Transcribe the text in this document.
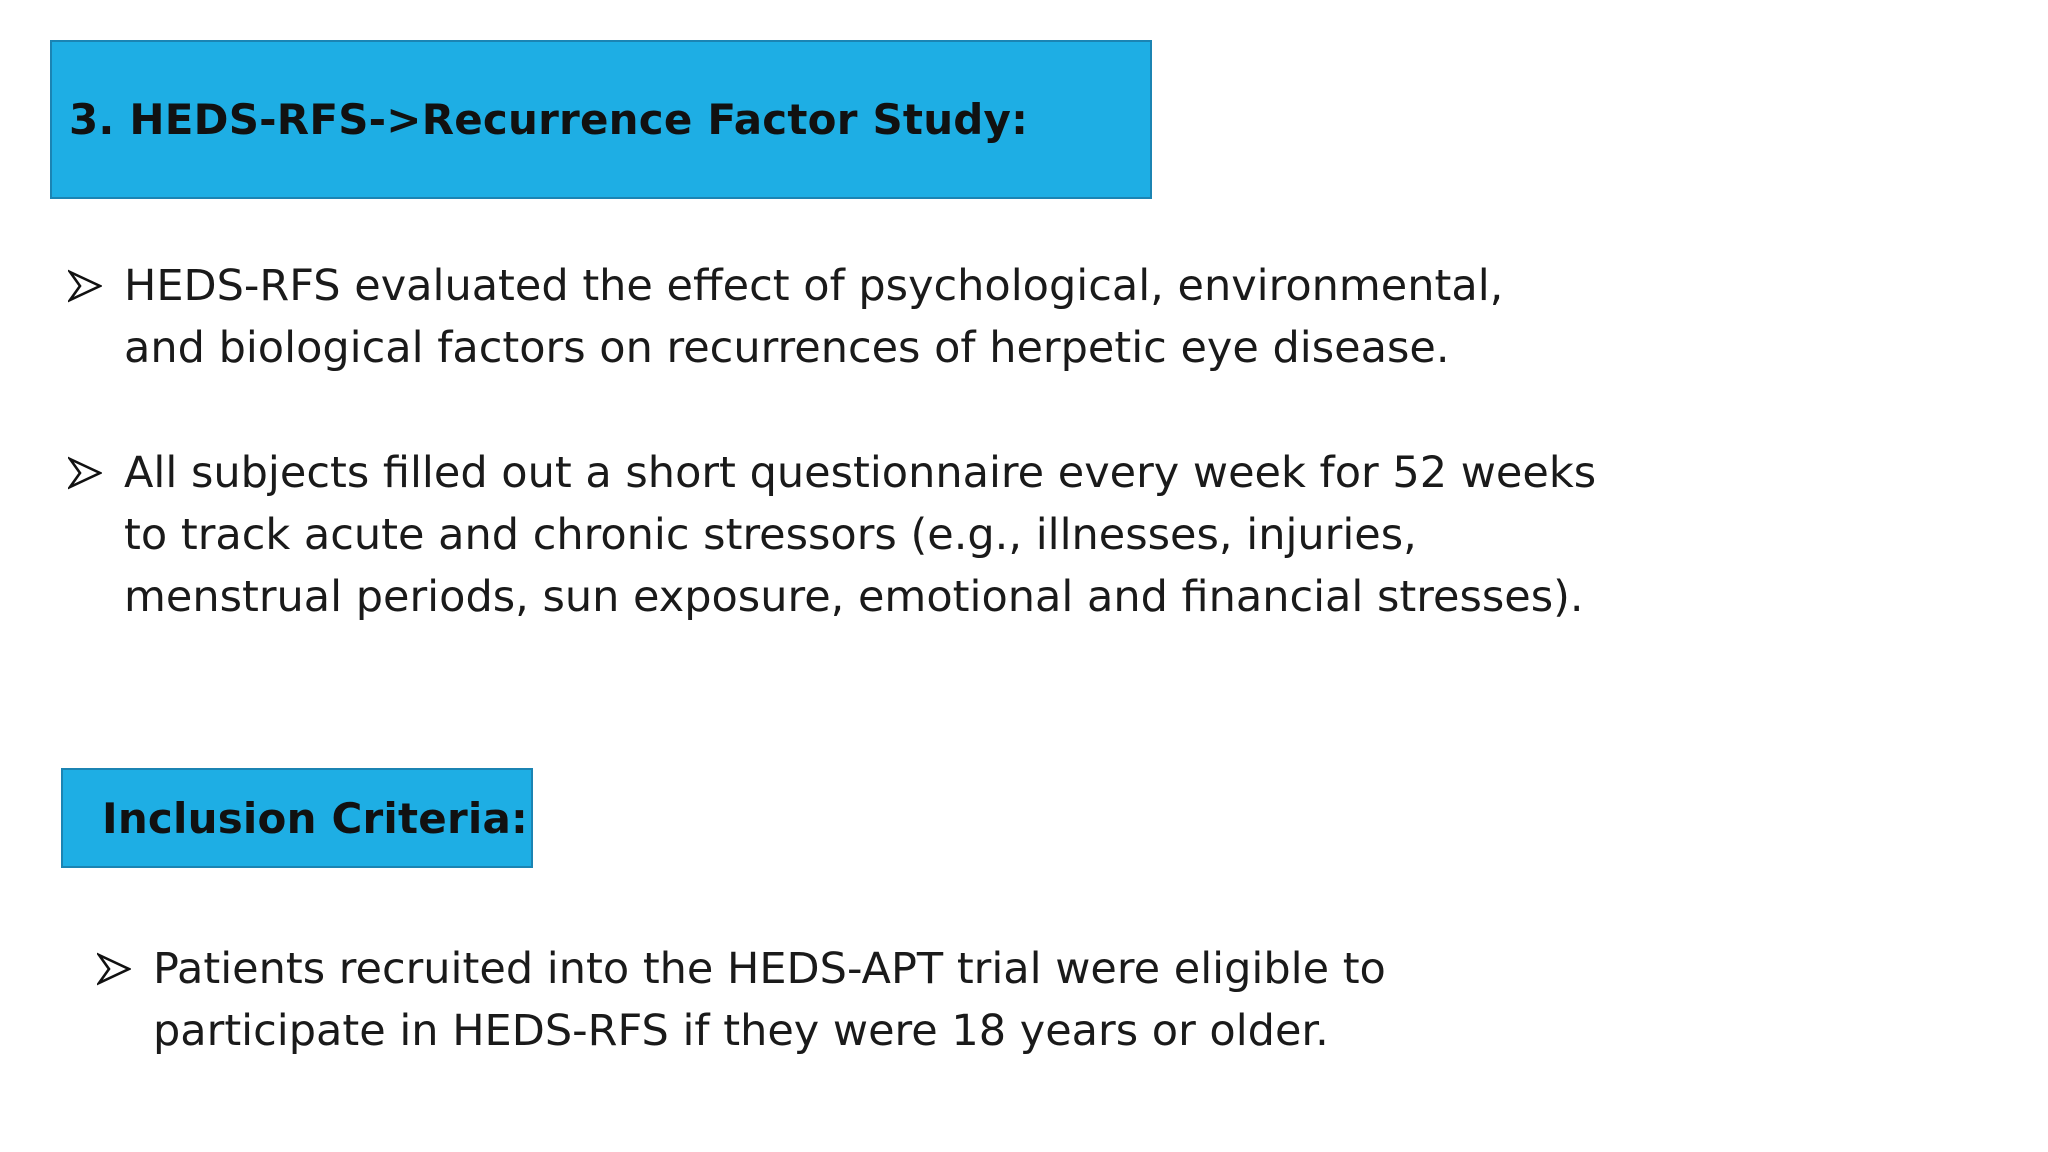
3. HEDS-RFS->Recurrence Factor Study:
HEDS-RFS evaluated the effect of psychological, environmental, and biological factors on recurrences of herpetic eye disease.
All subjects filled out a short questionnaire every week for 52 weeks to track acute and chronic stressors (e.g., illnesses, injuries, menstrual periods, sun exposure, emotional and financial stresses).
Inclusion Criteria:
Patients recruited into the HEDS-APT trial were eligible to participate in HEDS-RFS if they were 18 years or older.
